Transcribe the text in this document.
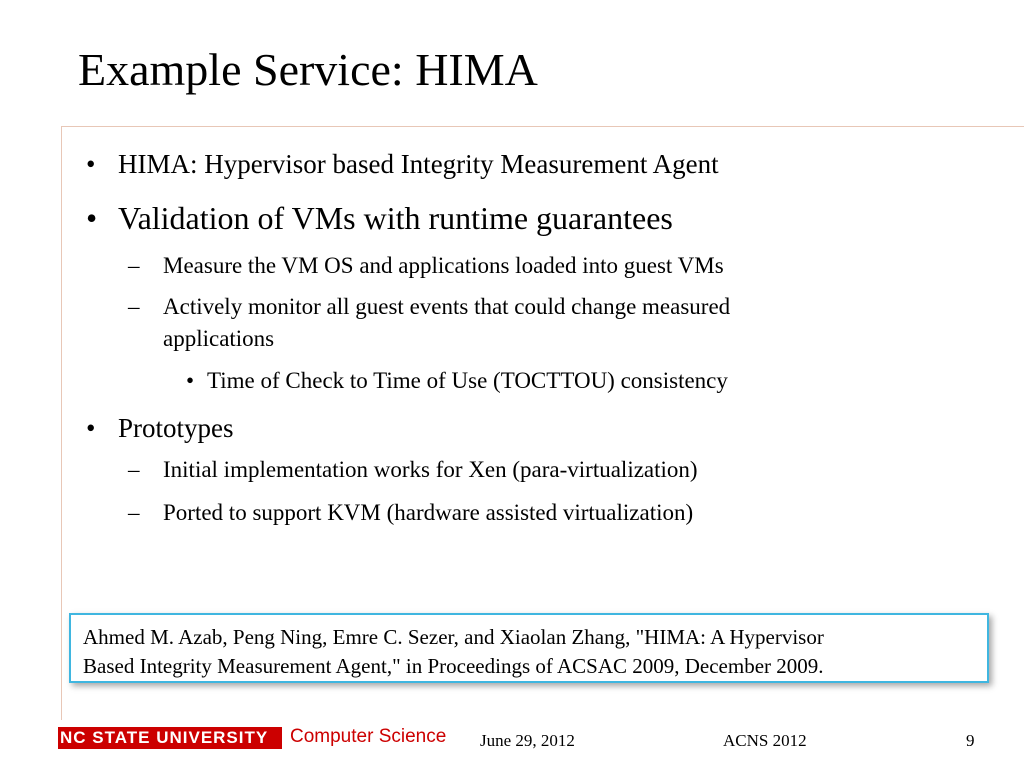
Example Service: HIMA
• HIMA: Hypervisor based Integrity Measurement Agent
• Validation of VMs with runtime guarantees
– Measure the VM OS and applications loaded into guest VMs
– Actively monitor all guest events that could change measured
applications
• Time of Check to Time of Use (TOCTTOU) consistency
• Prototypes
– Initial implementation works for Xen (para-virtualization)
– Ported to support KVM (hardware assisted virtualization)
Ahmed M. Azab, Peng Ning, Emre C. Sezer, and Xiaolan Zhang, "HIMA: A Hypervisor
Based Integrity Measurement Agent," in Proceedings of ACSAC 2009, December 2009.
NC STATE UNIVERSITY	Computer Science June 29, 2012	ACNS 2012	9
